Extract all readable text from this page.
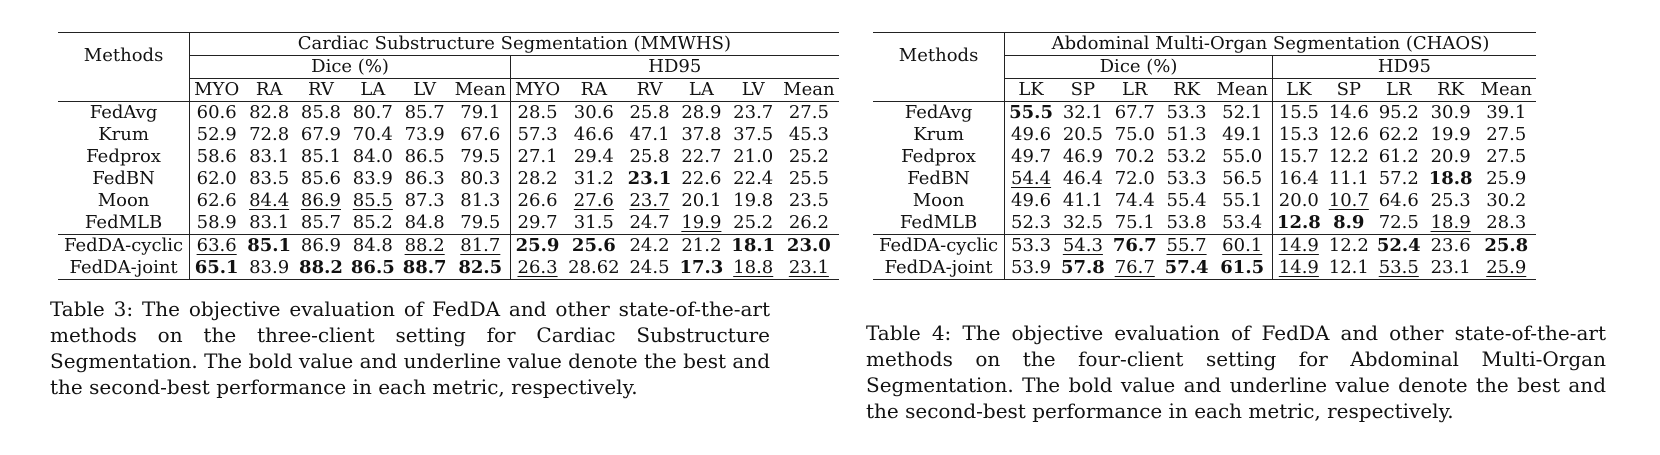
Methods	Cardiac Substructure Segmentation (MMWHS)											
	Dice (%)						HD95					
	MYO	RA	RV	LA	LV	Mean	MYO	RA	RV	LA	LV	Mean
FedAvg	60.6	82.8	85.8	80.7	85.7	79.1	28.5	30.6	25.8	28.9	23.7	27.5
Krum	52.9	72.8	67.9	70.4	73.9	67.6	57.3	46.6	47.1	37.8	37.5	45.3
Fedprox	58.6	83.1	85.1	84.0	86.5	79.5	27.1	29.4	25.8	22.7	21.0	25.2
FedBN	62.0	83.5	85.6	83.9	86.3	80.3	28.2	31.2	23.1	22.6	22.4	25.5
Moon	62.6	84.4	86.9	85.5	87.3	81.3	26.6	27.6	23.7	20.1	19.8	23.5
FedMLB	58.9	83.1	85.7	85.2	84.8	79.5	29.7	31.5	24.7	19.9	25.2	26.2
FedDA-cyclic	63.6	85.1	86.9	84.8	88.2	81.7	25.9	25.6	24.2	21.2	18.1	23.0
FedDA-joint	65.1	83.9	88.2	86.5	88.7	82.5	26.3	28.62	24.5	17.3	18.8	23.1

Table 3: The objective evaluation of FedDA and other state-of-the-art methods on the three-client setting for Cardiac Substructure Segmentation. The bold value and underline value denote the best and the second-best performance in each metric, respectively.

Methods	Abdominal Multi-Organ Segmentation (CHAOS)									
	Dice (%)					HD95				
	LK	SP	LR	RK	Mean	LK	SP	LR	RK	Mean
FedAvg	55.5	32.1	67.7	53.3	52.1	15.5	14.6	95.2	30.9	39.1
Krum	49.6	20.5	75.0	51.3	49.1	15.3	12.6	62.2	19.9	27.5
Fedprox	49.7	46.9	70.2	53.2	55.0	15.7	12.2	61.2	20.9	27.5
FedBN	54.4	46.4	72.0	53.3	56.5	16.4	11.1	57.2	18.8	25.9
Moon	49.6	41.1	74.4	55.4	55.1	20.0	10.7	64.6	25.3	30.2
FedMLB	52.3	32.5	75.1	53.8	53.4	12.8	8.9	72.5	18.9	28.3
FedDA-cyclic	53.3	54.3	76.7	55.7	60.1	14.9	12.2	52.4	23.6	25.8
FedDA-joint	53.9	57.8	76.7	57.4	61.5	14.9	12.1	53.5	23.1	25.9

Table 4: The objective evaluation of FedDA and other state-of-the-art methods on the four-client setting for Abdominal Multi-Organ Segmentation. The bold value and underline value denote the best and the second-best performance in each metric, respectively.
